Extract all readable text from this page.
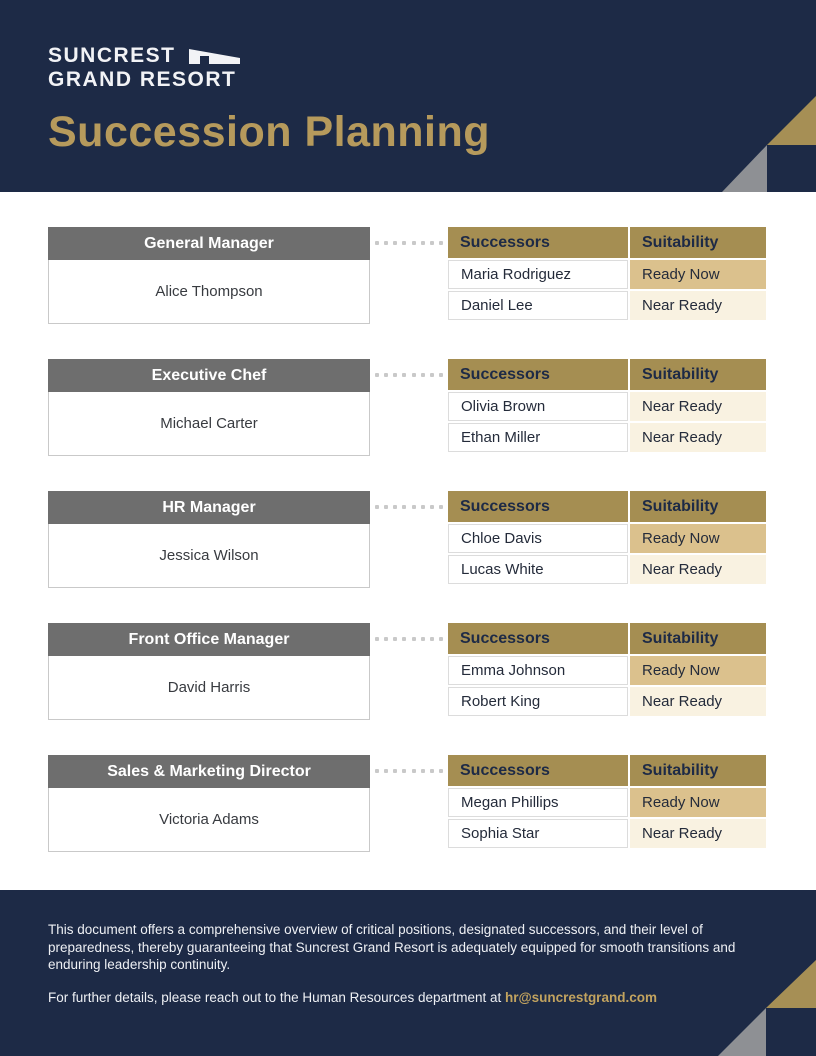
SUNCREST
GRAND RESORT
Succession Planning
General Manager
Alice Thompson
Successors	Suitability
Maria Rodriguez	Ready Now
Daniel Lee	Near Ready
Executive Chef
Michael Carter
Successors	Suitability
Olivia Brown	Near Ready
Ethan Miller	Near Ready
HR Manager
Jessica Wilson
Successors	Suitability
Chloe Davis	Ready Now
Lucas White	Near Ready
Front Office Manager
David Harris
Successors	Suitability
Emma Johnson	Ready Now
Robert King	Near Ready
Sales & Marketing Director
Victoria Adams
Successors	Suitability
Megan Phillips	Ready Now
Sophia Star	Near Ready

This document offers a comprehensive overview of critical positions, designated successors, and their level of preparedness, thereby guaranteeing that Suncrest Grand Resort is adequately equipped for smooth transitions and enduring leadership continuity.

For further details, please reach out to the Human Resources department at hr@suncrestgrand.com
